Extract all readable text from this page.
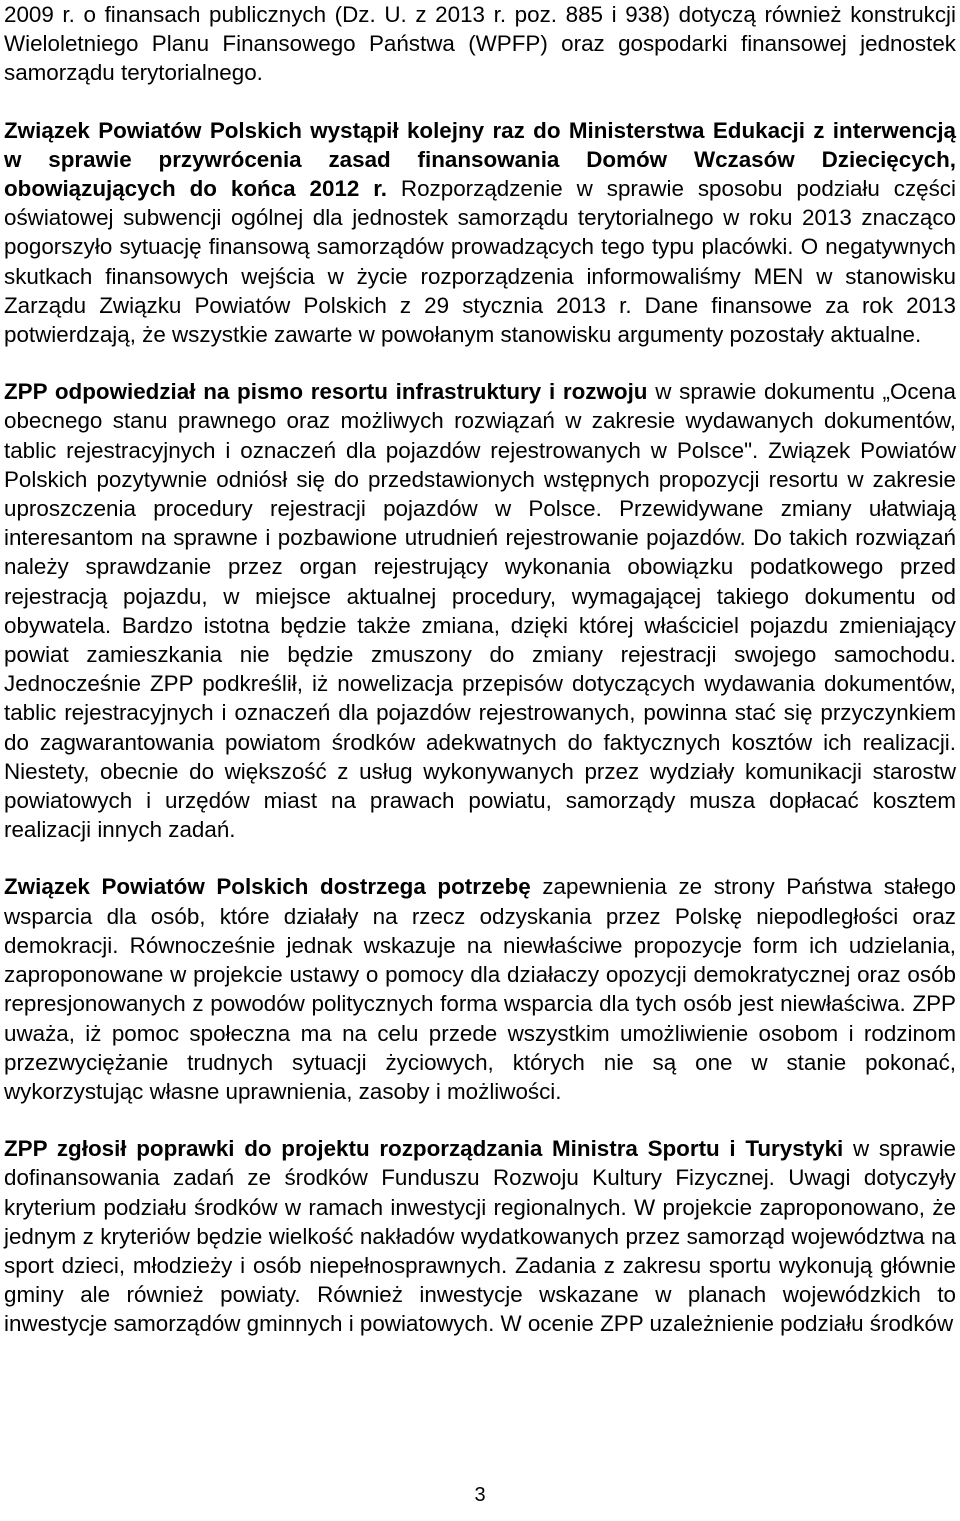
2009 r. o finansach publicznych (Dz. U. z 2013 r. poz. 885 i 938) dotyczą również konstrukcji Wieloletniego Planu Finansowego Państwa (WPFP) oraz gospodarki finansowej jednostek samorządu terytorialnego.

Związek Powiatów Polskich wystąpił kolejny raz do Ministerstwa Edukacji z interwencją w sprawie przywrócenia zasad finansowania Domów Wczasów Dziecięcych, obowiązujących do końca 2012 r. Rozporządzenie w sprawie sposobu podziału części oświatowej subwencji ogólnej dla jednostek samorządu terytorialnego w roku 2013 znacząco pogorszyło sytuację finansową samorządów prowadzących tego typu placówki. O negatywnych skutkach finansowych wejścia w życie rozporządzenia informowaliśmy MEN w stanowisku Zarządu Związku Powiatów Polskich z 29 stycznia 2013 r. Dane finansowe za rok 2013 potwierdzają, że wszystkie zawarte w powołanym stanowisku argumenty pozostały aktualne.

ZPP odpowiedział na pismo resortu infrastruktury i rozwoju w sprawie dokumentu „Ocena obecnego stanu prawnego oraz możliwych rozwiązań w zakresie wydawanych dokumentów, tablic rejestracyjnych i oznaczeń dla pojazdów rejestrowanych w Polsce". Związek Powiatów Polskich pozytywnie odniósł się do przedstawionych wstępnych propozycji resortu w zakresie uproszczenia procedury rejestracji pojazdów w Polsce. Przewidywane zmiany ułatwiają interesantom na sprawne i pozbawione utrudnień rejestrowanie pojazdów. Do takich rozwiązań należy sprawdzanie przez organ rejestrujący wykonania obowiązku podatkowego przed rejestracją pojazdu, w miejsce aktualnej procedury, wymagającej takiego dokumentu od obywatela. Bardzo istotna będzie także zmiana, dzięki której właściciel pojazdu zmieniający powiat zamieszkania nie będzie zmuszony do zmiany rejestracji swojego samochodu. Jednocześnie ZPP podkreślił, iż nowelizacja przepisów dotyczących wydawania dokumentów, tablic rejestracyjnych i oznaczeń dla pojazdów rejestrowanych, powinna stać się przyczynkiem do zagwarantowania powiatom środków adekwatnych do faktycznych kosztów ich realizacji. Niestety, obecnie do większość z usług wykonywanych przez wydziały komunikacji starostw powiatowych i urzędów miast na prawach powiatu, samorządy musza dopłacać kosztem realizacji innych zadań.

Związek Powiatów Polskich dostrzega potrzebę zapewnienia ze strony Państwa stałego wsparcia dla osób, które działały na rzecz odzyskania przez Polskę niepodległości oraz demokracji. Równocześnie jednak wskazuje na niewłaściwe propozycje form ich udzielania, zaproponowane w projekcie ustawy o pomocy dla działaczy opozycji demokratycznej oraz osób represjonowanych z powodów politycznych forma wsparcia dla tych osób jest niewłaściwa. ZPP uważa, iż pomoc społeczna ma na celu przede wszystkim umożliwienie osobom i rodzinom przezwyciężanie trudnych sytuacji życiowych, których nie są one w stanie pokonać, wykorzystując własne uprawnienia, zasoby i możliwości.

ZPP zgłosił poprawki do projektu rozporządzania Ministra Sportu i Turystyki w sprawie dofinansowania zadań ze środków Funduszu Rozwoju Kultury Fizycznej. Uwagi dotyczyły kryterium podziału środków w ramach inwestycji regionalnych. W projekcie zaproponowano, że jednym z kryteriów będzie wielkość nakładów wydatkowanych przez samorząd województwa na sport dzieci, młodzieży i osób niepełnosprawnych. Zadania z zakresu sportu wykonują głównie gminy ale również powiaty. Również inwestycje wskazane w planach wojewódzkich to inwestycje samorządów gminnych i powiatowych. W ocenie ZPP uzależnienie podziału środków

3
